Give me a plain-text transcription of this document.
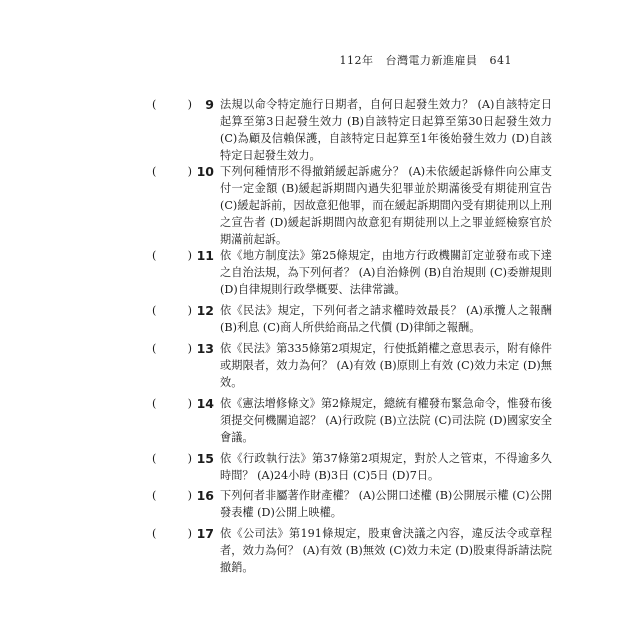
112年 台灣電力新進雇員 641
(	)	9 法規以命令特定施行日期者，自何日起發生效力？ (A)自該特定日起算至第3日起發生效力 (B)自該特定日起算至第30日起發生效力 (C)為顧及信賴保護，自該特定日起算至1年後始發生效力 (D)自該特定日起發生效力。
(	) 10 下列何種情形不得撤銷緩起訴處分？ (A)未依緩起訴條件向公庫支付一定金額 (B)緩起訴期間內過失犯罪並於期滿後受有期徒刑宣告 (C)緩起訴前，因故意犯他罪，而在緩起訴期間內受有期徒刑以上刑之宣告者 (D)緩起訴期間內故意犯有期徒刑以上之罪並經檢察官於期滿前起訴。
(	) 11 依《地方制度法》第25條規定，由地方行政機關訂定並發布或下達之自治法規，為下列何者？ (A)自治條例 (B)自治規則 (C)委辦規則 (D)自律規則行政學概要、法律常識。
(	) 12 依《民法》規定，下列何者之請求權時效最長？ (A)承攬人之報酬 (B)利息 (C)商人所供給商品之代價 (D)律師之報酬。
(	) 13 依《民法》第335條第2項規定，行使抵銷權之意思表示，附有條件或期限者，效力為何？ (A)有效 (B)原則上有效 (C)效力未定 (D)無效。
(	) 14 依《憲法增修條文》第2條規定，總統有權發布緊急命令，惟發布後須提交何機關追認？ (A)行政院 (B)立法院 (C)司法院 (D)國家安全會議。
(	) 15 依《行政執行法》第37條第2項規定，對於人之管束，不得逾多久時間？ (A)24小時 (B)3日 (C)5日 (D)7日。
(	) 16 下列何者非屬著作財產權？ (A)公開口述權 (B)公開展示權 (C)公開發表權 (D)公開上映權。
(	) 17 依《公司法》第191條規定，股東會決議之內容，違反法令或章程者，效力為何？ (A)有效 (B)無效 (C)效力未定 (D)股東得訴請法院撤銷。
